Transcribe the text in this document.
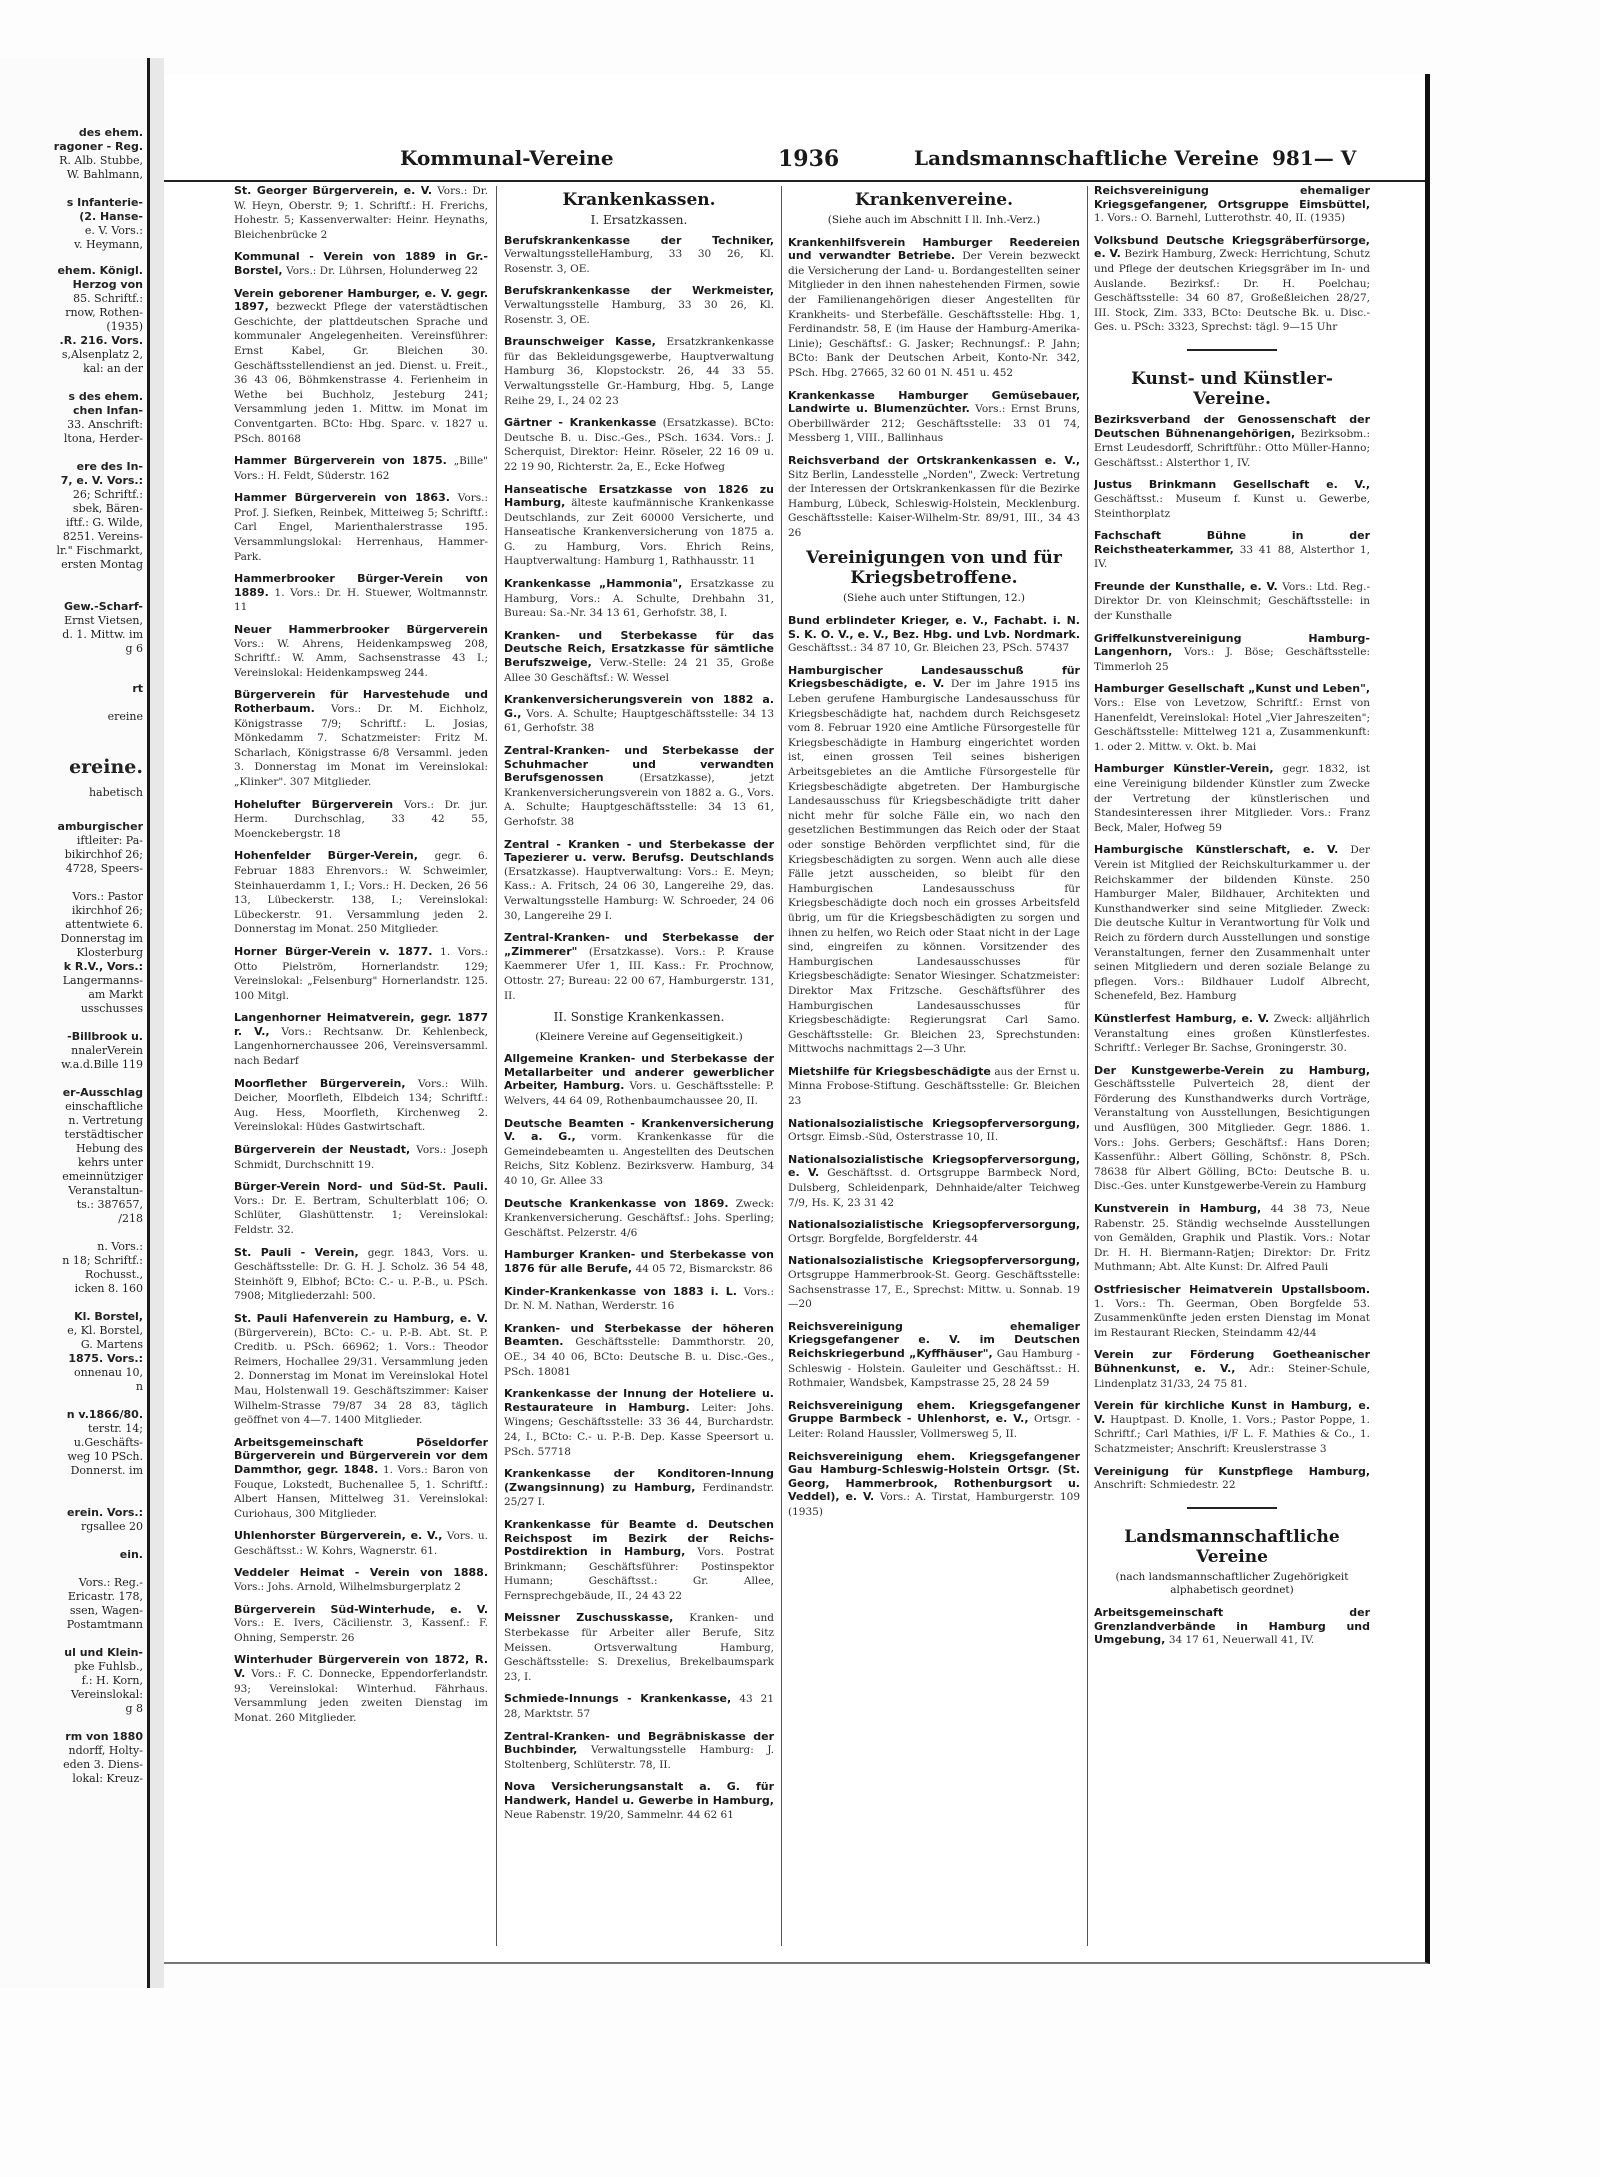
des ehem.
ragoner - Reg.
R. Alb. Stubbe,
W. Bahlmann,
s Infanterie-
(2. Hanse-
e. V. Vors.:
v. Heymann,
ehem. Königl.
Herzog von
85. Schriftf.:
rnow, Rothen-
(1935)
.R. 216. Vors.
s,Alsenplatz 2,
kal: an der
s des ehem.
chen Infan-
33. Anschrift:
ltona, Herder-
ere des In-
7, e. V. Vors.:
26; Schriftf.:
sbek, Bären-
iftf.: G. Wilde,
8251. Vereins-
lr." Fischmarkt,
ersten Montag
Gew.-Scharf-
Ernst Vietsen,
d. 1. Mittw. im
g 6
rt
ereine
ereine.
habetisch
amburgischer
iftleiter: Pa-
bikirchhof 26;
4728, Speers-
Vors.: Pastor
ikirchhof 26;
attentwiete 6.
Donnerstag im
Klosterburg
k R.V., Vors.:
Langermanns-
am Markt
usschusses
-Billbrook u.
nnalerVerein
w.a.d.Bille 119
er-Ausschlag
einschaftliche
n. Vertretung
terstädtischer
Hebung des
kehrs unter
emeinnütziger
Veranstaltun-
ts.: 387657,
/218
n. Vors.:
n 18; Schriftf.:
Rochusst.,
icken 8. 160
Kl. Borstel,
e, Kl. Borstel,
G. Martens
1875. Vors.:
onnenau 10,
n
n v.1866/80.
terstr. 14;
u.Geschäfts-
weg 10 PSch.
Donnerst. im
erein. Vors.:
rgsallee 20
ein.
Vors.: Reg.-
Ericastr. 178,
ssen, Wagen-
Postamtmann
ul und Klein-
pke Fuhlsb.,
f.: H. Korn,
Vereinslokal:
g 8
rm von 1880
ndorff, Holty-
eden 3. Diens-
lokal: Kreuz-
Kommunal-Vereine	1936	Landsmannschaftliche Vereine 981— V
St. Georger Bürgerverein, e. V. Vors.: Dr. W. Heyn, Oberstr. 9; 1. Schriftf.: H. Frerichs, Hohestr. 5; Kassenverwalter: Heinr. Heynaths, Bleichenbrücke 2
Kommunal - Verein von 1889 in Gr.-Borstel, Vors.: Dr. Lührsen, Holunderweg 22
Verein geborener Hamburger, e. V. gegr. 1897, bezweckt Pflege der vaterstädtischen Geschichte, der plattdeutschen Sprache und kommunaler Angelegenheiten. Vereinsführer: Ernst Kabel, Gr. Bleichen 30. Geschäftsstellendienst an jed. Dienst. u. Freit., 36 43 06, Böhmkenstrasse 4. Ferienheim in Wethe bei Buchholz, Jesteburg 241; Versammlung jeden 1. Mittw. im Monat im Conventgarten. BCto: Hbg. Sparc. v. 1827 u. PSch. 80168
Hammer Bürgerverein von 1875. „Bille" Vors.: H. Feldt, Süderstr. 162
Hammer Bürgerverein von 1863. Vors.: Prof. J. Siefken, Reinbek, Mitteiweg 5; Schriftf.: Carl Engel, Marienthalerstrasse 195. Versammlungslokal: Herrenhaus, Hammer-Park.
Hammerbrooker Bürger-Verein von 1889. 1. Vors.: Dr. H. Stuewer, Woltmannstr. 11
Neuer Hammerbrooker Bürgerverein Vors.: W. Ahrens, Heidenkampsweg 208, Schriftf.: W. Amm, Sachsenstrasse 43 I.; Vereinslokal: Heidenkampsweg 244.
Bürgerverein für Harvestehude und Rotherbaum. Vors.: Dr. M. Eichholz, Königstrasse 7/9; Schriftf.: L. Josias, Mönkedamm 7. Schatzmeister: Fritz M. Scharlach, Königstrasse 6/8 Versamml. jeden 3. Donnerstag im Monat im Vereinslokal: „Klinker". 307 Mitglieder.
Hohelufter Bürgerverein Vors.: Dr. jur. Herm. Durchschlag, 33 42 55, Moenckebergstr. 18
Hohenfelder Bürger-Verein, gegr. 6. Februar 1883 Ehrenvors.: W. Schweimler, Steinhauerdamm 1, I.; Vors.: H. Decken, 26 56 13, Lübeckerstr. 138, I.; Vereinslokal: Lübeckerstr. 91. Versammlung jeden 2. Donnerstag im Monat. 250 Mitglieder.
Horner Bürger-Verein v. 1877. 1. Vors.: Otto Pielström, Hornerlandstr. 129; Vereinslokal: „Felsenburg" Hornerlandstr. 125. 100 Mitgl.
Langenhorner Heimatverein, gegr. 1877 r. V., Vors.: Rechtsanw. Dr. Kehlenbeck, Langenhornerchaussee 206, Vereinsversamml. nach Bedarf
Moorflether Bürgerverein, Vors.: Wilh. Deicher, Moorfleth, Elbdeich 134; Schriftf.: Aug. Hess, Moorfleth, Kirchenweg 2. Vereinslokal: Hüdes Gastwirtschaft.
Bürgerverein der Neustadt, Vors.: Joseph Schmidt, Durchschnitt 19.
Bürger-Verein Nord- und Süd-St. Pauli. Vors.: Dr. E. Bertram, Schulterblatt 106; O. Schlüter, Glashüttenstr. 1; Vereinslokal: Feldstr. 32.
St. Pauli - Verein, gegr. 1843, Vors. u. Geschäftsstelle: Dr. G. H. J. Scholz. 36 54 48, Steinhöft 9, Elbhof; BCto: C.- u. P.-B., u. PSch. 7908; Mitgliederzahl: 500.
St. Pauli Hafenverein zu Hamburg, e. V. (Bürgerverein), BCto: C.- u. P.-B. Abt. St. P. Creditb. u. PSch. 66962; 1. Vors.: Theodor Reimers, Hochallee 29/31. Versammlung jeden 2. Donnerstag im Monat im Vereinslokal Hotel Mau, Holstenwall 19. Geschäftszimmer: Kaiser Wilhelm-Strasse 79/87 34 28 83, täglich geöffnet von 4—7. 1400 Mitglieder.
Arbeitsgemeinschaft Pöseldorfer Bürgerverein und Bürgerverein vor dem Dammthor, gegr. 1848. 1. Vors.: Baron von Fouque, Lokstedt, Buchenallee 5, 1. Schriftf.: Albert Hansen, Mittelweg 31. Vereinslokal: Curiohaus, 300 Mitglieder.
Uhlenhorster Bürgerverein, e. V., Vors. u. Geschäftsst.: W. Kohrs, Wagnerstr. 61.
Veddeler Heimat - Verein von 1888. Vors.: Johs. Arnold, Wilhelmsburgerplatz 2
Bürgerverein Süd-Winterhude, e. V. Vors.: E. Ivers, Cäcilienstr. 3, Kassenf.: F. Ohning, Semperstr. 26
Winterhuder Bürgerverein von 1872, R. V. Vors.: F. C. Donnecke, Eppendorferlandstr. 93; Vereinslokal: Winterhud. Fährhaus. Versammlung jeden zweiten Dienstag im Monat. 260 Mitglieder.
Krankenkassen.
I. Ersatzkassen.
Berufskrankenkasse der Techniker, VerwaltungsstelleHamburg, 33 30 26, Kl. Rosenstr. 3, OE.
Berufskrankenkasse der Werkmeister, Verwaltungsstelle Hamburg, 33 30 26, Kl. Rosenstr. 3, OE.
Braunschweiger Kasse, Ersatzkrankenkasse für das Bekleidungsgewerbe, Hauptverwaltung Hamburg 36, Klopstockstr. 26, 44 33 55. Verwaltungsstelle Gr.-Hamburg, Hbg. 5, Lange Reihe 29, I., 24 02 23
Gärtner - Krankenkasse (Ersatzkasse). BCto: Deutsche B. u. Disc.-Ges., PSch. 1634. Vors.: J. Scherquist, Direktor: Heinr. Röseler, 22 16 09 u. 22 19 90, Richterstr. 2a, E., Ecke Hofweg
Hanseatische Ersatzkasse von 1826 zu Hamburg, älteste kaufmännische Krankenkasse Deutschlands, zur Zeit 60000 Versicherte, und Hanseatische Krankenversicherung von 1875 a. G. zu Hamburg, Vors. Ehrich Reins, Hauptverwaltung: Hamburg 1, Rathhausstr. 11
Krankenkasse „Hammonia", Ersatzkasse zu Hamburg, Vors.: A. Schulte, Drehbahn 31, Bureau: Sa.-Nr. 34 13 61, Gerhofstr. 38, I.
Kranken- und Sterbekasse für das Deutsche Reich, Ersatzkasse für sämtliche Berufszweige, Verw.-Stelle: 24 21 35, Große Allee 30 Geschäftsf.: W. Wessel
Krankenversicherungsverein von 1882 a. G., Vors. A. Schulte; Hauptgeschäftsstelle: 34 13 61, Gerhofstr. 38
Zentral-Kranken- und Sterbekasse der Schuhmacher und verwandten Berufsgenossen	(Ersatzkasse), jetzt Krankenversicherungsverein von 1882 a. G., Vors. A. Schulte; Hauptgeschäftsstelle: 34 13 61, Gerhofstr. 38
Zentral - Kranken - und Sterbekasse der Tapezierer u. verw. Berufsg. Deutschlands (Ersatzkasse). Hauptverwaltung: Vors.: E. Meyn; Kass.: A. Fritsch, 24 06 30, Langereihe 29, das. Verwaltungsstelle Hamburg: W. Schroeder, 24 06 30, Langereihe 29 I.
Zentral-Kranken- und Sterbekasse der „Zimmerer" (Ersatzkasse). Vors.: P. Krause Kaemmerer Ufer 1, III. Kass.: Fr. Prochnow, Ottostr. 27; Bureau: 22 00 67, Hamburgerstr. 131, II.
II. Sonstige Krankenkassen.
(Kleinere Vereine auf Gegenseitigkeit.)
Allgemeine Kranken- und Sterbekasse der Metallarbeiter und anderer gewerblicher Arbeiter, Hamburg. Vors. u. Geschäftsstelle: P. Welvers, 44 64 09, Rothenbaumchaussee 20, II.
Deutsche Beamten - Krankenversicherung V. a. G., vorm. Krankenkasse für die Gemeindebeamten u. Angestellten des Deutschen Reichs, Sitz Koblenz. Bezirksverw. Hamburg, 34 40 10, Gr. Allee 33
Deutsche Krankenkasse von 1869. Zweck: Krankenversicherung. Geschäftsf.: Johs. Sperling; Geschäftst. Pelzerstr. 4/6
Hamburger Kranken- und Sterbekasse von 1876 für alle Berufe, 44 05 72, Bismarckstr. 86
Kinder-Krankenkasse von 1883 i. L. Vors.: Dr. N. M. Nathan, Werderstr. 16
Kranken- und Sterbekasse der höheren Beamten. Geschäftsstelle: Dammthorstr. 20, OE., 34 40 06, BCto: Deutsche B. u. Disc.-Ges., PSch. 18081
Krankenkasse der Innung der Hoteliere u. Restaurateure in Hamburg. Leiter: Johs. Wingens; Geschäftsstelle: 33 36 44, Burchardstr. 24, I., BCto: C.- u. P.-B. Dep. Kasse Speersort u. PSch. 57718
Krankenkasse der Konditoren-Innung (Zwangsinnung) zu Hamburg, Ferdinandstr. 25/27 I.
Krankenkasse für Beamte d. Deutschen Reichspost im Bezirk der Reichs-Postdirektion in Hamburg, Vors. Postrat Brinkmann; Geschäftsführer: Postinspektor Humann; Geschäftsst.: Gr. Allee, Fernsprechgebäude, II., 24 43 22
Meissner Zuschusskasse, Kranken- und Sterbekasse für Arbeiter aller Berufe, Sitz Meissen. Ortsverwaltung Hamburg, Geschäftsstelle: S. Drexelius, Brekelbaumspark 23, I.
Schmiede-Innungs - Krankenkasse, 43 21 28, Marktstr. 57
Zentral-Kranken- und Begräbniskasse der Buchbinder, Verwaltungsstelle Hamburg: J. Stoltenberg, Schlüterstr. 78, II.
Nova Versicherungsanstalt a. G. für Handwerk, Handel u. Gewerbe in Hamburg, Neue Rabenstr. 19/20, Sammelnr. 44 62 61
Krankenvereine.
(Siehe auch im Abschnitt I ll. Inh.-Verz.)
Krankenhilfsverein Hamburger Reedereien und verwandter Betriebe. Der Verein bezweckt die Versicherung der Land- u. Bordangestellten seiner Mitglieder in den ihnen nahestehenden Firmen, sowie der Familienangehörigen dieser Angestellten für Krankheits- und Sterbefälle. Geschäftsstelle: Hbg. 1, Ferdinandstr. 58, E (im Hause der Hamburg-Amerika-Linie); Geschäftsf.: G. Jasker; Rechnungsf.: P. Jahn; BCto: Bank der Deutschen Arbeit, Konto-Nr. 342, PSch. Hbg. 27665, 32 60 01 N. 451 u. 452
Krankenkasse Hamburger Gemüsebauer, Landwirte u. Blumenzüchter. Vors.: Ernst Bruns, Oberbillwärder 212; Geschäftsstelle: 33 01 74, Messberg 1, VIII., Ballinhaus
Reichsverband der Ortskrankenkassen e. V., Sitz Berlin, Landesstelle „Norden", Zweck: Vertretung der Interessen der Ortskrankenkassen für die Bezirke Hamburg, Lübeck, Schleswig-Holstein, Mecklenburg. Geschäftsstelle: Kaiser-Wilhelm-Str. 89/91, III., 34 43 26
Vereinigungen von und für Kriegsbetroffene.
(Siehe auch unter Stiftungen, 12.)
Bund erblindeter Krieger, e. V., Fachabt. i. N. S. K. O. V., e. V., Bez. Hbg. und Lvb. Nordmark. Geschäftsst.: 34 87 10, Gr. Bleichen 23, PSch. 57437
Hamburgischer Landesausschuß für Kriegsbeschädigte, e. V. Der im Jahre 1915 ins Leben gerufene Hamburgische Landesausschuss für Kriegsbeschädigte hat, nachdem durch Reichsgesetz vom 8. Februar 1920 eine Amtliche Fürsorgestelle für Kriegsbeschädigte in Hamburg eingerichtet worden ist, einen grossen Teil seines bisherigen Arbeitsgebietes an die Amtliche Fürsorgestelle für Kriegsbeschädigte abgetreten. Der Hamburgische Landesausschuss für Kriegsbeschädigte tritt daher nicht mehr für solche Fälle ein, wo nach den gesetzlichen Bestimmungen das Reich oder der Staat oder sonstige Behörden verpflichtet sind, für die Kriegsbeschädigten zu sorgen. Wenn auch alle diese Fälle jetzt ausscheiden, so bleibt für den Hamburgischen Landesausschuss für Kriegsbeschädigte doch noch ein grosses Arbeitsfeld übrig, um für die Kriegsbeschädigten zu sorgen und ihnen zu helfen, wo Reich oder Staat nicht in der Lage sind, eingreifen zu können. Vorsitzender des Hamburgischen Landesausschusses für Kriegsbeschädigte: Senator Wiesinger. Schatzmeister: Direktor Max Fritzsche. Geschäftsführer des Hamburgischen Landesausschusses für Kriegsbeschädigte: Regierungsrat Carl Samo. Geschäftsstelle: Gr. Bleichen 23, Sprechstunden: Mittwochs nachmittags 2—3 Uhr.
Mietshilfe für Kriegsbeschädigte aus der Ernst u. Minna Frobose-Stiftung. Geschäftsstelle: Gr. Bleichen 23
Nationalsozialistische Kriegsopferversorgung, Ortsgr. Eimsb.-Süd, Osterstrasse 10, II.
Nationalsozialistische Kriegsopferversorgung, e. V. Geschäftsst. d. Ortsgruppe Barmbeck Nord, Dulsberg, Schleidenpark, Dehnhaide/alter Teichweg 7/9, Hs. K, 23 31 42
Nationalsozialistische Kriegsopferversorgung, Ortsgr. Borgfelde, Borgfelderstr. 44
Nationalsozialistische Kriegsopferversorgung, Ortsgruppe Hammerbrook-St. Georg. Geschäftsstelle: Sachsenstrasse 17, E., Sprechst: Mittw. u. Sonnab. 19—20
Reichsvereinigung ehemaliger Kriegsgefangener e. V. im Deutschen Reichskriegerbund „Kyffhäuser", Gau Hamburg - Schleswig - Holstein. Gauleiter und Geschäftsst.: H. Rothmaier, Wandsbek, Kampstrasse 25, 28 24 59
Reichsvereinigung ehem. Kriegsgefangener Gruppe Barmbeck - Uhlenhorst, e. V., Ortsgr. - Leiter: Roland Haussler, Vollmersweg 5, II.
Reichsvereinigung ehem. Kriegsgefangener Gau Hamburg-Schleswig-Holstein Ortsgr. (St. Georg, Hammerbrook, Rothenburgsort u. Veddel), e. V. Vors.: A. Tirstat, Hamburgerstr. 109 (1935)
Reichsvereinigung ehemaliger Kriegsgefangener, Ortsgruppe Eimsbüttel, 1. Vors.: O. Barnehl, Lutterothstr. 40, II. (1935)
Volksbund Deutsche Kriegsgräberfürsorge, e. V. Bezirk Hamburg, Zweck: Herrichtung, Schutz und Pflege der deutschen Kriegsgräber im In- und Auslande. Bezirksf.: Dr. H. Poelchau; Geschäftsstelle: 34 60 87, Großeßleichen 28/27, III. Stock, Zim. 333, BCto: Deutsche Bk. u. Disc.-Ges. u. PSch: 3323, Sprechst: tägl. 9—15 Uhr
Kunst- und Künstler-Vereine.
Bezirksverband der Genossenschaft der Deutschen Bühnenangehörigen, Bezirksobm.: Ernst Leudesdorff, Schriftführ.: Otto Müller-Hanno; Geschäftsst.: Alsterthor 1, IV.
Justus Brinkmann Gesellschaft e. V., Geschäftsst.: Museum f. Kunst u. Gewerbe, Steinthorplatz
Fachschaft Bühne in der Reichstheaterkammer, 33 41 88, Alsterthor 1, IV.
Freunde der Kunsthalle, e. V. Vors.: Ltd. Reg.-Direktor Dr. von Kleinschmit; Geschäftsstelle: in der Kunsthalle
Griffelkunstvereinigung Hamburg-Langenhorn, Vors.: J. Böse; Geschäftsstelle: Timmerloh 25
Hamburger Gesellschaft „Kunst und Leben", Vors.: Else von Levetzow, Schriftf.: Ernst von Hanenfeldt, Vereinslokal: Hotel „Vier Jahreszeiten"; Geschäftsstelle: Mittelweg 121 a, Zusammenkunft: 1. oder 2. Mittw. v. Okt. b. Mai
Hamburger Künstler-Verein, gegr. 1832, ist eine Vereinigung bildender Künstler zum Zwecke der Vertretung der künstlerischen und Standesinteressen ihrer Mitglieder. Vors.: Franz Beck, Maler, Hofweg 59
Hamburgische Künstlerschaft, e. V. Der Verein ist Mitglied der Reichskulturkammer u. der Reichskammer der bildenden Künste. 250 Hamburger Maler, Bildhauer, Architekten und Kunsthandwerker sind seine Mitglieder. Zweck: Die deutsche Kultur in Verantwortung für Volk und Reich zu fördern durch Ausstellungen und sonstige Veranstaltungen, ferner den Zusammenhalt unter seinen Mitgliedern und deren soziale Belange zu pflegen. Vors.: Bildhauer Ludolf Albrecht, Schenefeld, Bez. Hamburg
Künstlerfest Hamburg, e. V. Zweck: alljährlich Veranstaltung eines großen Künstlerfestes. Schriftf.: Verleger Br. Sachse, Groningerstr. 30.
Der Kunstgewerbe-Verein zu Hamburg, Geschäftsstelle Pulverteich 28, dient der Förderung des Kunsthandwerks durch Vorträge, Veranstaltung von Ausstellungen, Besichtigungen und Ausflügen, 300 Mitglieder. Gegr. 1886. 1. Vors.: Johs. Gerbers; Geschäftsf.: Hans Doren; Kassenführ.: Albert Gölling, Schönstr. 8, PSch. 78638 für Albert Gölling, BCto: Deutsche B. u. Disc.-Ges. unter Kunstgewerbe-Verein zu Hamburg
Kunstverein in Hamburg, 44 38 73, Neue Rabenstr. 25. Ständig wechselnde Ausstellungen von Gemälden, Graphik und Plastik. Vors.: Notar Dr. H. H. Biermann-Ratjen; Direktor: Dr. Fritz Muthmann; Abt. Alte Kunst: Dr. Alfred Pauli
Ostfriesischer Heimatverein Upstallsboom. 1. Vors.: Th. Geerman, Oben Borgfelde 53. Zusammenkünfte jeden ersten Dienstag im Monat im Restaurant Riecken, Steindamm 42/44
Verein zur Förderung Goetheanischer Bühnenkunst, e. V., Adr.: Steiner-Schule, Lindenplatz 31/33, 24 75 81.
Verein für kirchliche Kunst in Hamburg, e. V. Hauptpast. D. Knolle, 1. Vors.; Pastor Poppe, 1. Schriftf.; Carl Mathies, i/F L. F. Mathies & Co., 1. Schatzmeister; Anschrift: Kreuslerstrasse 3
Vereinigung für Kunstpflege Hamburg, Anschrift: Schmiedestr. 22
Landsmannschaftliche Vereine
(nach landsmannschaftlicher Zugehörigkeit alphabetisch geordnet)
Arbeitsgemeinschaft der Grenzlandverbände in Hamburg und Umgebung, 34 17 61, Neuerwall 41, IV.
